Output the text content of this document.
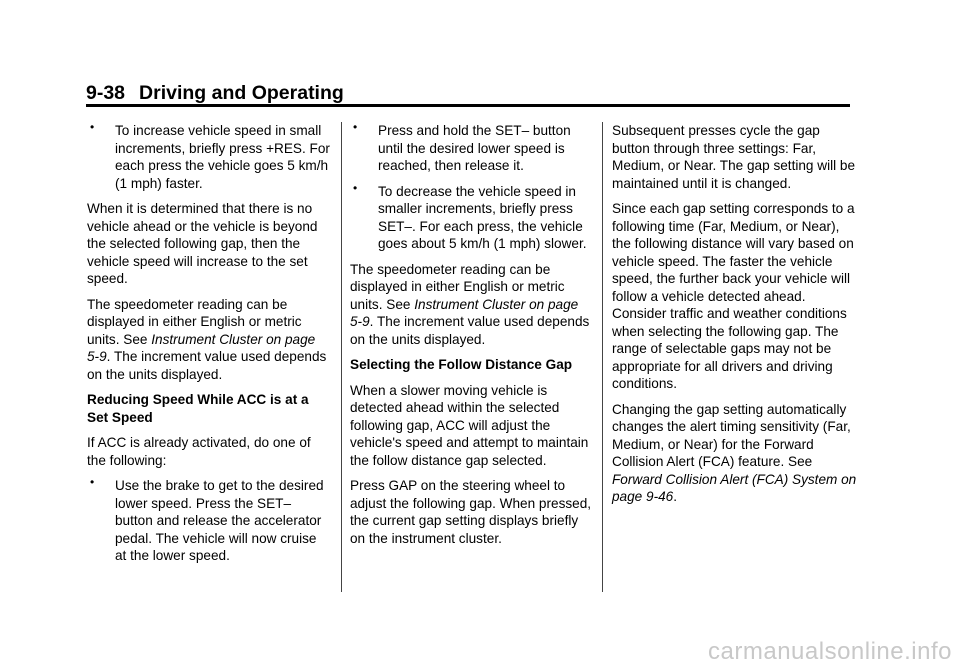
9-38 Driving and Operating
• To increase vehicle speed in small increments, briefly press +RES. For each press the vehicle goes 5 km/h (1 mph) faster.

When it is determined that there is no vehicle ahead or the vehicle is beyond the selected following gap, then the vehicle speed will increase to the set speed.

The speedometer reading can be displayed in either English or metric units. See Instrument Cluster on page 5-9. The increment value used depends on the units displayed.

Reducing Speed While ACC is at a Set Speed

If ACC is already activated, do one of the following:

• Use the brake to get to the desired lower speed. Press the SET– button and release the accelerator pedal. The vehicle will now cruise at the lower speed.
• Press and hold the SET– button until the desired lower speed is reached, then release it.
• To decrease the vehicle speed in smaller increments, briefly press SET–. For each press, the vehicle goes about 5 km/h (1 mph) slower.

The speedometer reading can be displayed in either English or metric units. See Instrument Cluster on page 5-9. The increment value used depends on the units displayed.

Selecting the Follow Distance Gap

When a slower moving vehicle is detected ahead within the selected following gap, ACC will adjust the vehicle's speed and attempt to maintain the follow distance gap selected.

Press GAP on the steering wheel to adjust the following gap. When pressed, the current gap setting displays briefly on the instrument cluster.

Subsequent presses cycle the gap button through three settings: Far, Medium, or Near. The gap setting will be maintained until it is changed.

Since each gap setting corresponds to a following time (Far, Medium, or Near), the following distance will vary based on vehicle speed. The faster the vehicle speed, the further back your vehicle will follow a vehicle detected ahead. Consider traffic and weather conditions when selecting the following gap. The range of selectable gaps may not be appropriate for all drivers and driving conditions.

Changing the gap setting automatically changes the alert timing sensitivity (Far, Medium, or Near) for the Forward Collision Alert (FCA) feature. See Forward Collision Alert (FCA) System on page 9-46.

carmanualsonline.info
